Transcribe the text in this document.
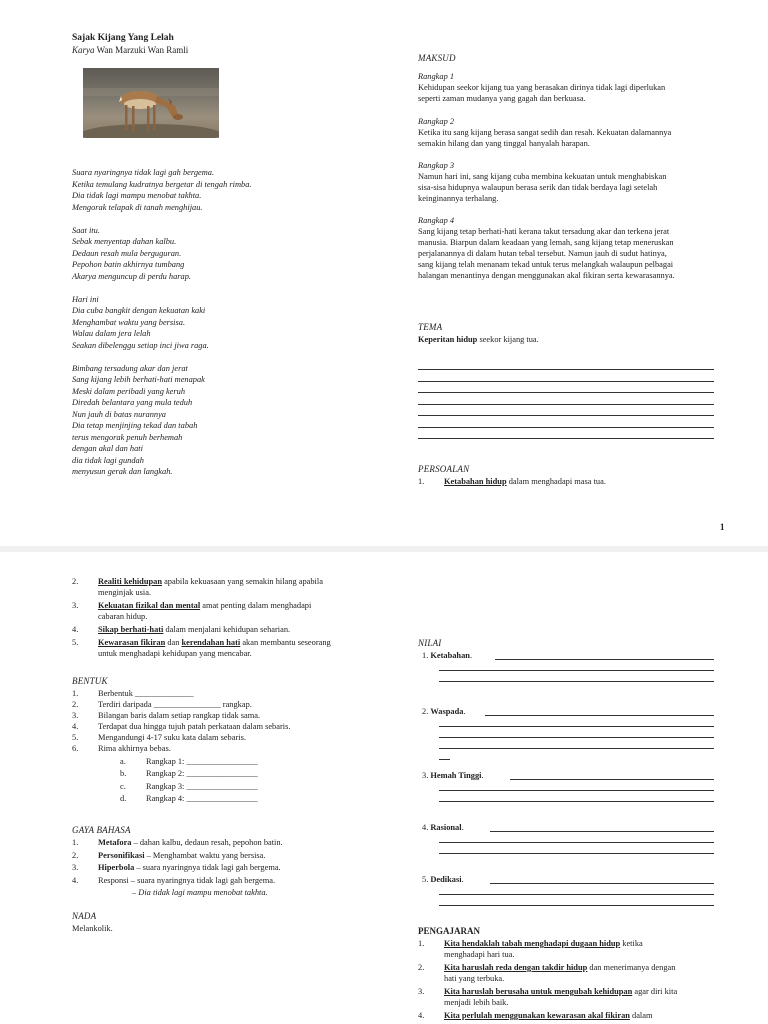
Sajak Kijang Yang Lelah
Karya Wan Marzuki Wan Ramli
Suara nyaringnya tidak lagi gah bergema.
Ketika temulang kudratnya bergetar di tengah rimba.
Dia tidak lagi mampu menobat takhta.
Mengorak telapak di tanah menghijau.

Saat itu.
Sebak menyentap dahan kalbu.
Dedaun resah mula berguguran.
Pepohon batin akhirnya tumbang
Akarya menguncup di perdu harap.

Hari ini
Dia cuba bangkit dengan kekuatan kaki
Menghambat waktu yang bersisa.
Walau dalam jera lelah
Seakan dibelenggu setiap inci jiwa raga.

Bimbang tersadung akar dan jerat
Sang kijang lebih berhati-hati menapak
Meski dalam peribadi yang keruh
Diredah belantara yang mula teduh
Nun jauh di batas nurannya
Dia tetap menjinjing tekad dan tabah
terus mengorak penuh berhemah
dengan akal dan hati
dia tidak lagi gundah
menyusun gerak dan langkah.
MAKSUD
Rangkap 1
Kehidupan seekor kijang tua yang berasakan dirinya tidak lagi diperlukan
seperti zaman mudanya yang gagah dan berkuasa.
Rangkap 2
Ketika itu sang kijang berasa sangat sedih dan resah. Kekuatan dalamannya
semakin hilang dan yang tinggal hanyalah harapan.
Rangkap 3
Namun hari ini, sang kijang cuba membina kekuatan untuk menghabiskan
sisa-sisa hidupnya walaupun berasa serik dan tidak berdaya lagi setelah
keinginannya terhalang.
Rangkap 4
Sang kijang tetap berhati-hati kerana takut tersadung akar dan terkena jerat
manusia. Biarpun dalam keadaan yang lemah, sang kijang tetap meneruskan
perjalanannya di dalam hutan tebal tersebut. Namun jauh di sudut hatinya,
sang kijang telah menanam tekad untuk terus melangkah walaupun pelbagai
halangan menantinya dengan menggunakan akal fikiran serta kewarasannya.
TEMA
Keperitan hidup seekor kijang tua.
PERSOALAN
1.	Ketabahan hidup dalam menghadapi masa tua.
1
2.	Realiti kehidupan apabila kekuasaan yang semakin hilang apabila
menginjak usia.
3.	Kekuatan fizikal dan mental amat penting dalam menghadapi
cabaran hidup.
4.	Sikap berhati-hati dalam menjalani kehidupan seharian.
5.	Kewarasan fikiran dan kerendahan hati akan membantu seseorang
untuk menghadapi kehidupan yang mencabar.
BENTUK
1.	Berbentuk ______________
2.	Terdiri daripada ________________ rangkap.
3.	Bilangan baris dalam setiap rangkap tidak sama.
4.	Terdapat dua hingga tujuh patah perkataan dalam sebaris.
5.	Mengandungi 4-17 suku kata dalam sebaris.
6.	Rima akhirnya bebas.
a.	Rangkap 1: _________________
b.	Rangkap 2: _________________
c.	Rangkap 3: _________________
d.	Rangkap 4: _________________
GAYA BAHASA
1.	Metafora – dahan kalbu, dedaun resah, pepohon batin.
2.	Personifikasi – Menghambat waktu yang bersisa.
3.	Hiperbola – suara nyaringnya tidak lagi gah bergema.
4.	Responsi – suara nyaringnya tidak lagi gah bergema.
– Dia tidak lagi mampu menobat takhta.
NADA
Melankolik.
NILAI
1. Ketabahan.
2. Waspada.
3. Hemah Tinggi.
4. Rasional.
5. Dedikasi.
PENGAJARAN
1.	Kita hendaklah tabah menghadapi dugaan hidup ketika
menghadapi hari tua.
2.	Kita haruslah reda dengan takdir hidup dan menerimanya dengan
hati yang terbuka.
3.	Kita haruslah berusaha untuk mengubah kehidupan agar diri kita
menjadi lebih baik.
4.	Kita perlulah menggunakan kewarasan akal fikiran dalam
